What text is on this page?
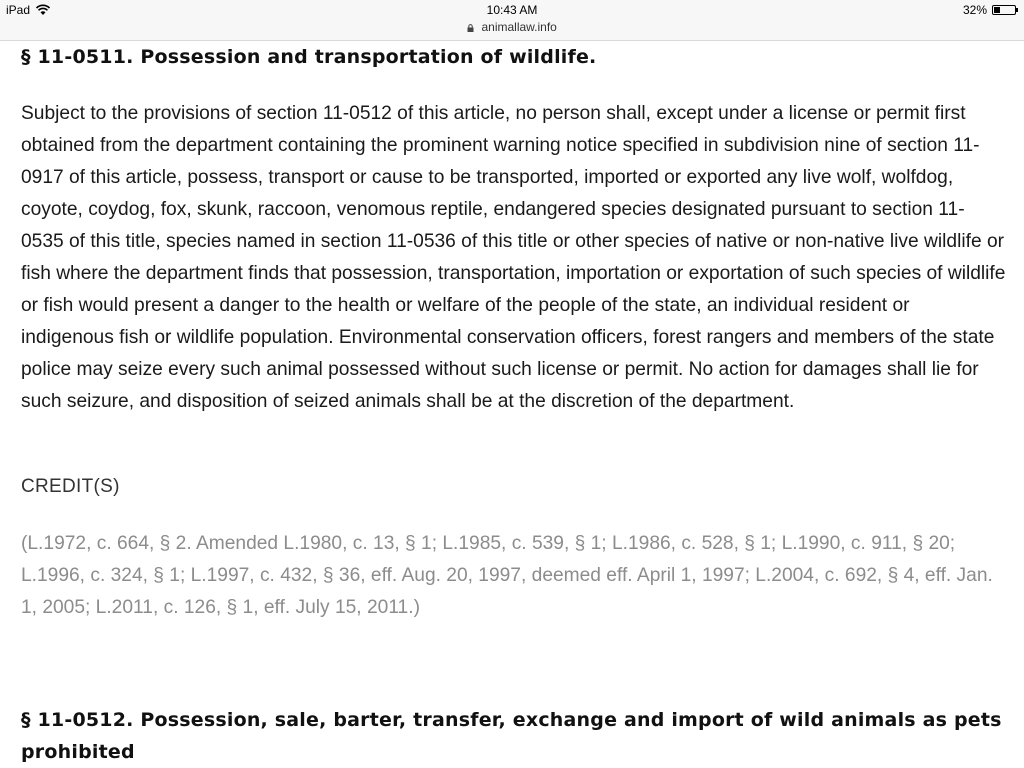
iPad	10:43 AM
animallaw.info
32%
§ 11-0511. Possession and transportation of wildlife.

Subject to the provisions of section 11-0512 of this article, no person shall, except under a license or permit first obtained from the department containing the prominent warning notice specified in subdivision nine of section 11-0917 of this article, possess, transport or cause to be transported, imported or exported any live wolf, wolfdog, coyote, coydog, fox, skunk, raccoon, venomous reptile, endangered species designated pursuant to section 11-0535 of this title, species named in section 11-0536 of this title or other species of native or non-native live wildlife or fish where the department finds that possession, transportation, importation or exportation of such species of wildlife or fish would present a danger to the health or welfare of the people of the state, an individual resident or indigenous fish or wildlife population. Environmental conservation officers, forest rangers and members of the state police may seize every such animal possessed without such license or permit. No action for damages shall lie for such seizure, and disposition of seized animals shall be at the discretion of the department.

CREDIT(S)

(L.1972, c. 664, § 2. Amended L.1980, c. 13, § 1; L.1985, c. 539, § 1; L.1986, c. 528, § 1; L.1990, c. 911, § 20; L.1996, c. 324, § 1; L.1997, c. 432, § 36, eff. Aug. 20, 1997, deemed eff. April 1, 1997; L.2004, c. 692, § 4, eff. Jan. 1, 2005; L.2011, c. 126, § 1, eff. July 15, 2011.)

§ 11-0512. Possession, sale, barter, transfer, exchange and import of wild animals as pets prohibited
